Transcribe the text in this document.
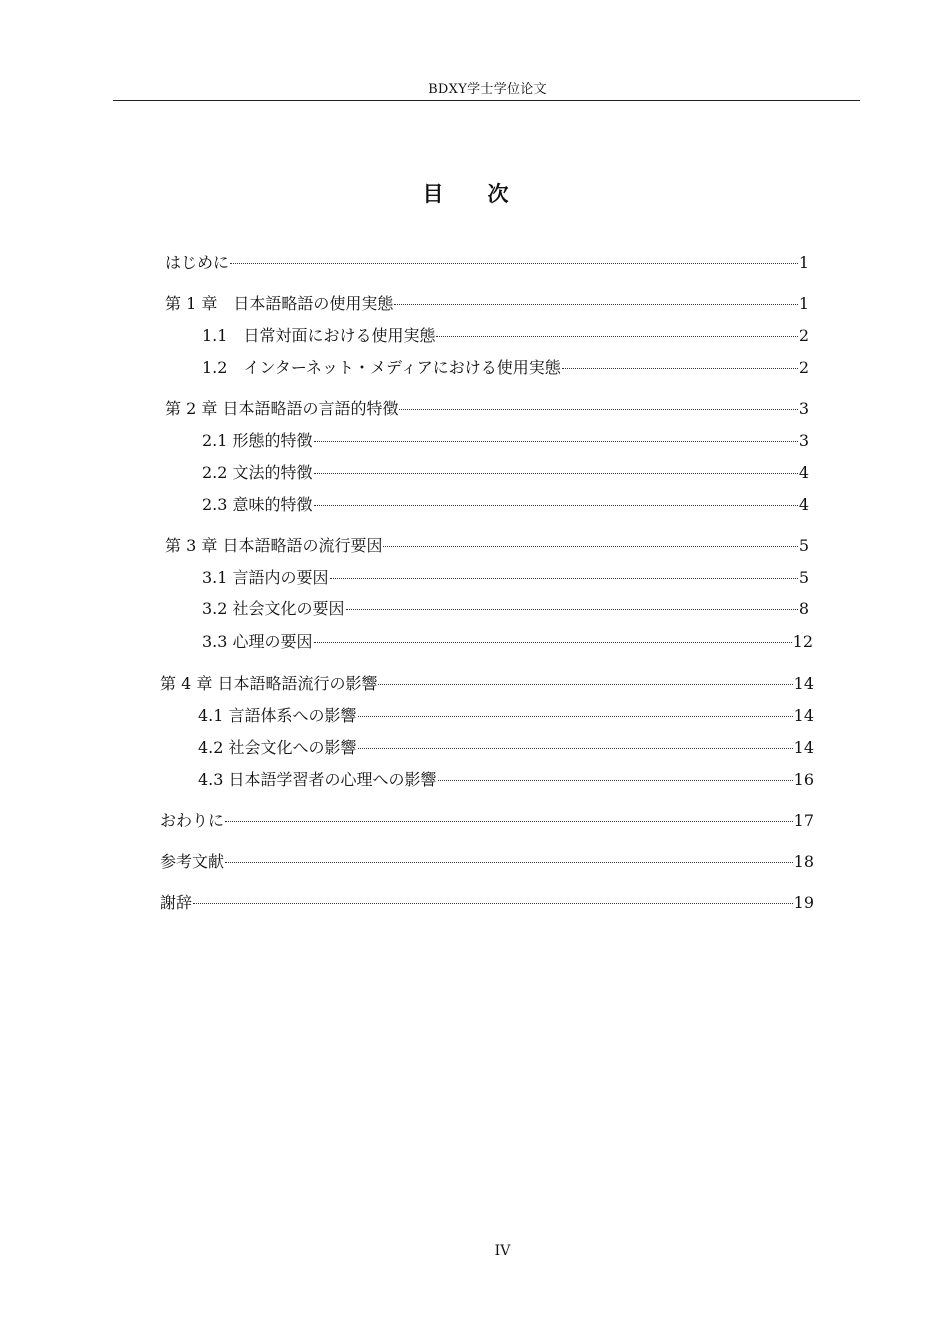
BDXY学士学位论文
目次
はじめに	1
第 1 章　 日本語略語の使用実態	1
1.1　 日常対面における使用実態	2
1.2　 インターネット・メディアにおける使用実態	2
第 2 章 日本語略語の言語的特徴	3
2.1 形態的特徴	3
2.2 文法的特徴	4
2.3 意味的特徴	4
第 3 章 日本語略語の流行要因	5
3.1 言語内の要因	5
3.2 社会文化の要因	8
3.3 心理の要因	12
第 4 章 日本語略語流行の影響	14
4.1 言語体系への影響	14
4.2 社会文化への影響	14
4.3 日本語学習者の心理への影響	16
おわりに	17
参考文献	18
謝辞	19
IV
